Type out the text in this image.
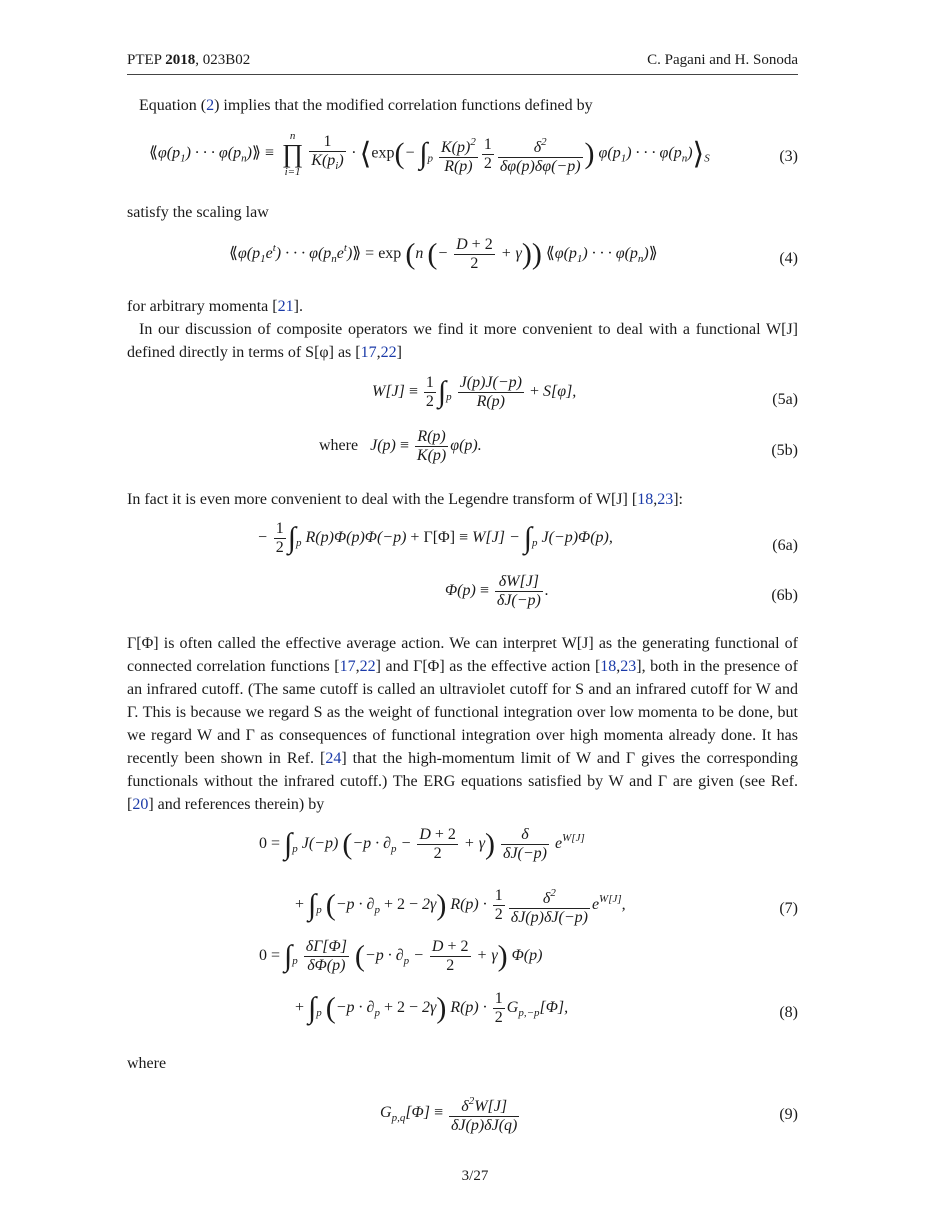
PTEP 2018, 023B02	C. Pagani and H. Sonoda

Equation (2) implies that the modified correlation functions defined by

$⟪\varphi(p_1)$ · · · $\varphi(p_n)⟫$ ≡
n
∏
$i=1 \frac{1}{K(p_i)}$ · ⟨exp(− $\int_p \frac{K(p)^2}{R(p)} \frac{1}{2} \frac{\delta^2}{\delta\varphi(p)\delta\varphi(-p)}$ ) $\varphi(p_1)$ · · · $\varphi(p_n)⟩_S$	(3)

satisfy the scaling law

$⟪\varphi(p_1e^t)$ · · · $\varphi(p_ne^t)⟫ = \exp (n$ (− $\frac{D + 2}{2} + \gamma$)) $⟪\varphi(p_1)$ · · · $\varphi(p_n)⟫$	(4)

for arbitrary momenta [21].

In our discussion of composite operators we find it more convenient to deal with a functional W[J] defined directly in terms of S[φ] as [17,22]

$W[J] \equiv \frac{1}{2} \int_p \frac{J(p)J(-p)}{R(p)} + S[\varphi]$,	(5a)
where   $J(p) \equiv \frac{R(p)}{K(p)} \varphi(p)$.	(5b)

In fact it is even more convenient to deal with the Legendre transform of W[J] [18,23]:

− $\frac{1}{2} \int_p$ $R(p)\Phi(p)\Phi(-p) + \Gamma[\Phi] \equiv W[J] - \int_p$ J(−p)Φ(p),	(6a)
$\Phi(p) \equiv \frac{\delta W[J]}{\delta J(-p)}$ .	(6b)

Γ[Φ] is often called the effective average action. We can interpret W[J] as the generating functional of connected correlation functions [17,22] and Γ[Φ] as the effective action [18,23], both in the presence of an infrared cutoff. (The same cutoff is called an ultraviolet cutoff for S and an infrared cutoff for W and Γ. This is because we regard S as the weight of functional integration over low momenta to be done, but we regard W and Γ as consequences of functional integration over high momenta already done. It has recently been shown in Ref. [24] that the high-momentum limit of W and Γ gives the corresponding functionals without the infrared cutoff.) The ERG equations satisfied by W and Γ are given (see Ref. [20] and references therein) by

$0 = \int_p$ J(−p) $(-p \cdot \partial_p - \frac{D + 2}{2} + \gamma) \frac{\delta}{\delta J(-p)} e^{W[J]}$
+ $\int_p$ $(-p \cdot \partial_p + 2 - 2\gamma)$ $R(p) \cdot \frac{1}{2} \frac{\delta^2}{\delta J(p)\delta J(-p)} e^{W[J]}$,	(7)
$0 = \int_p \frac{\delta\Gamma[\Phi]}{\delta\Phi(p)} (-p \cdot \partial_p - \frac{D + 2}{2} + \gamma)$ Φ(p)
+ $\int_p$ $(-p \cdot \partial_p + 2 - 2\gamma)$ $R(p) \cdot \frac{1}{2} G_{p,-p}[\Phi]$,	(8)

where

$G_{p,q}[\Phi] \equiv \frac{\delta^2W[J]}{\delta J(p)\delta J(q)}$	(9)
3/27
